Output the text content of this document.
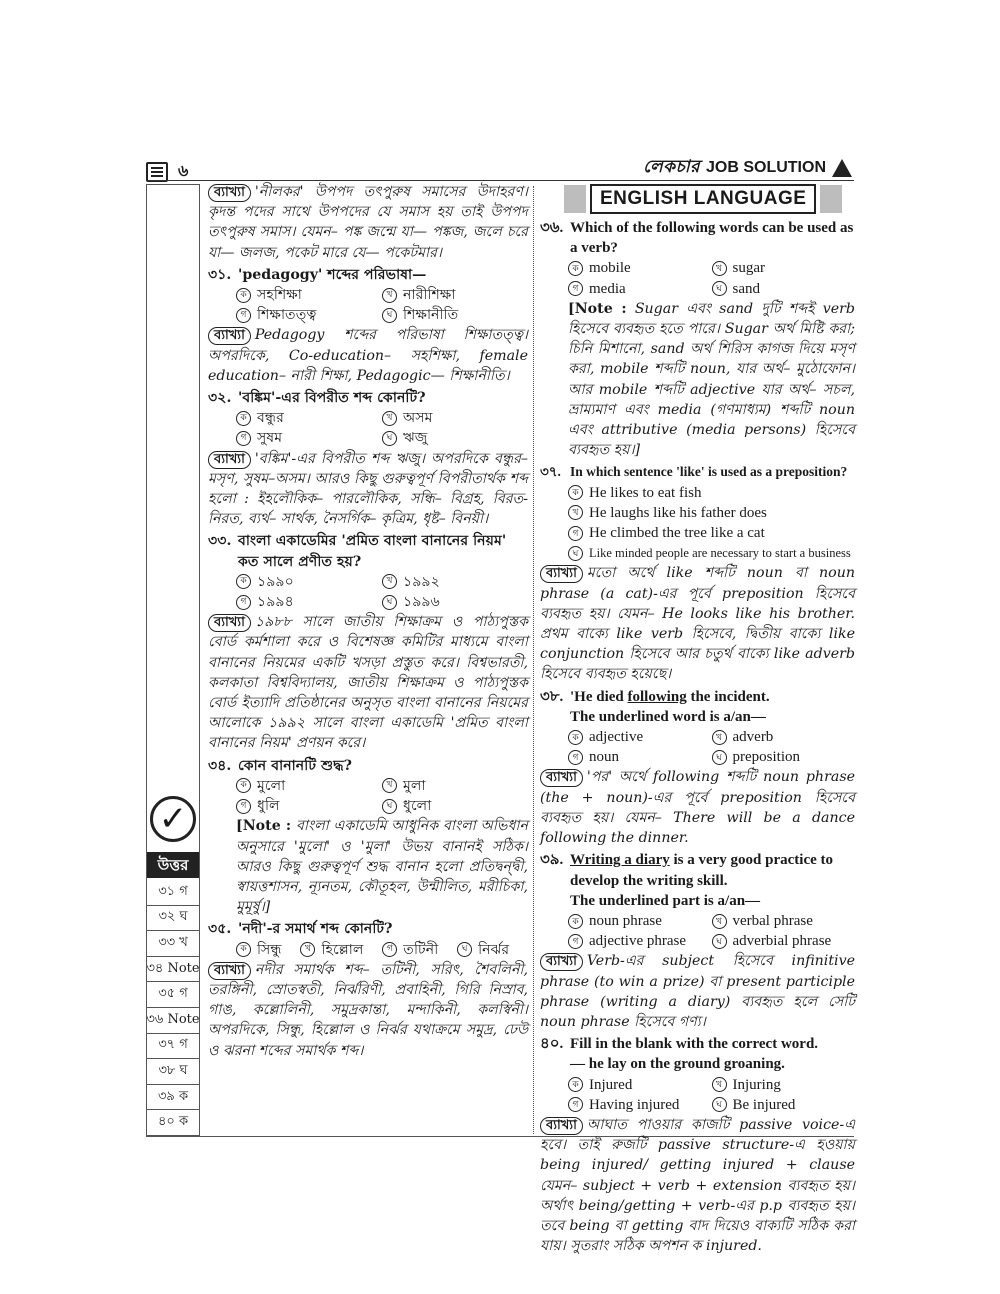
৬	লেকচার JOB SOLUTION
✓
উত্তর
৩১ গ
৩২ ঘ
৩৩ খ
৩৪ Note
৩৫ গ
৩৬ Note
৩৭ গ
৩৮ ঘ
৩৯ ক
৪০ ক
ব্যাখ্যা 'নীলকর' উপপদ তৎপুরুষ সমাসের উদাহরণ। কৃদন্ত পদের সাথে উপপদের যে সমাস হয় তাই উপপদ তৎপুরুষ সমাস। যেমন– পঙ্ক জন্মে যা— পঙ্কজ, জলে চরে যা— জলজ, পকেট মারে যে— পকেটমার।
৩১. 'pedagogy' শব্দের পরিভাষা—
ক সহশিক্ষা	খ নারীশিক্ষা
গ শিক্ষাতত্ত্ব	ঘ শিক্ষানীতি
ব্যাখ্যা Pedagogy শব্দের পরিভাষা শিক্ষাতত্ত্ব। অপরদিকে, Co-education– সহশিক্ষা, female education– নারী শিক্ষা, Pedagogic— শিক্ষানীতি।
৩২. 'বঙ্কিম'-এর বিপরীত শব্দ কোনটি?
ক বন্ধুর	খ অসম
গ সুষম	ঘ ঋজু
ব্যাখ্যা 'বঙ্কিম'-এর বিপরীত শব্দ ঋজু। অপরদিকে বন্ধুর– মসৃণ, সুষম–অসম। আরও কিছু গুরুত্বপূর্ণ বিপরীতার্থক শব্দ হলো : ইহলৌকিক– পারলৌকিক, সন্ধি– বিগ্রহ, বিরত-নিরত, ব্যর্থ– সার্থক, নৈসর্গিক– কৃত্রিম, ধৃষ্ট– বিনয়ী।
৩৩. বাংলা একাডেমির 'প্রমিত বাংলা বানানের নিয়ম' কত সালে প্রণীত হয়?
ক ১৯৯০	খ ১৯৯২
গ ১৯৯৪	ঘ ১৯৯৬
ব্যাখ্যা ১৯৮৮ সালে জাতীয় শিক্ষাক্রম ও পাঠ্যপুস্তক বোর্ড কর্মশালা করে ও বিশেষজ্ঞ কমিটির মাধ্যমে বাংলা বানানের নিয়মের একটি খসড়া প্রস্তুত করে। বিশ্বভারতী, কলকাতা বিশ্ববিদ্যালয়, জাতীয় শিক্ষাক্রম ও পাঠ্যপুস্তক বোর্ড ইত্যাদি প্রতিষ্ঠানের অনুসৃত বাংলা বানানের নিয়মের আলোকে ১৯৯২ সালে বাংলা একাডেমি 'প্রমিত বাংলা বানানের নিয়ম' প্রণয়ন করে।
৩৪. কোন বানানটি শুদ্ধ?
ক মুলো	খ মুলা
গ ধুলি	ঘ ধুলো
[Note : বাংলা একাডেমি আধুনিক বাংলা অভিধান অনুসারে 'মুলো' ও 'মুলা' উভয় বানানই সঠিক। আরও কিছু গুরুত্বপূর্ণ শুদ্ধ বানান হলো প্রতিদ্বন্দ্বী, স্বায়ত্তশাসন, ন্যূনতম, কৌতূহল, উন্মীলিত, মরীচিকা, মুমূর্ষু।]
৩৫. 'নদী'-র সমার্থ শব্দ কোনটি?
ক সিন্ধু	খ হিল্লোল	গ তটিনী	ঘ নির্ঝর
ব্যাখ্যা নদীর সমার্থক শব্দ– তটিনী, সরিৎ, শৈবলিনী, তরঙ্গিনী, স্রোতস্বতী, নির্ঝরিণী, প্রবাহিনী, গিরি নিস্রাব, গাঙ, কল্লোলিনী, সমুদ্রকান্তা, মন্দাকিনী, কলস্বিনী। অপরদিকে, সিন্ধু, হিল্লোল ও নির্ঝর যথাক্রমে সমুদ্র, ঢেউ ও ঝরনা শব্দের সমার্থক শব্দ।
ENGLISH LANGUAGE
৩৬. Which of the following words can be used as a verb?
ক mobile	খ sugar
গ media	ঘ sand
[Note : Sugar এবং sand দুটি শব্দই verb হিসেবে ব্যবহৃত হতে পারে। Sugar অর্থ মিষ্টি করা; চিনি মিশানো, sand অর্থ শিরিস কাগজ দিয়ে মসৃণ করা, mobile শব্দটি noun, যার অর্থ– মুঠোফোন। আর mobile শব্দটি adjective যার অর্থ– সচল, ভ্রাম্যমাণ এবং media (গণমাধ্যম) শব্দটি noun এবং attributive (media persons) হিসেবে ব্যবহৃত হয়।]
৩৭. In which sentence 'like' is used as a preposition?
ক He likes to eat fish
খ He laughs like his father does
গ He climbed the tree like a cat
ঘ Like minded people are necessary to start a business
ব্যাখ্যা মতো অর্থে like শব্দটি noun বা noun phrase (a cat)-এর পূর্বে preposition হিসেবে ব্যবহৃত হয়। যেমন– He looks like his brother. প্রথম বাক্যে like verb হিসেবে, দ্বিতীয় বাক্যে like conjunction হিসেবে আর চতুর্থ বাক্যে like adverb হিসেবে ব্যবহৃত হয়েছে।
৩৮. 'He died following the incident.
The underlined word is a/an—
ক adjective	খ adverb
গ noun	ঘ preposition
ব্যাখ্যা 'পর' অর্থে following শব্দটি noun phrase (the + noun)-এর পূর্বে preposition হিসেবে ব্যবহৃত হয়। যেমন– There will be a dance following the dinner.
৩৯. Writing a diary is a very good practice to develop the writing skill.
The underlined part is a/an—
ক noun phrase	খ verbal phrase
গ adjective phrase	ঘ adverbial phrase
ব্যাখ্যা Verb-এর subject হিসেবে infinitive phrase (to win a prize) বা present participle phrase (writing a diary) ব্যবহৃত হলে সেটি noun phrase হিসেবে গণ্য।
৪০. Fill in the blank with the correct word.
— he lay on the ground groaning.
ক Injured	খ Injuring
গ Having injured	ঘ Be injured
ব্যাখ্যা আঘাত পাওয়ার কাজটি passive voice-এ হবে। তাই রুজটি passive structure-এ হওয়ায় being injured/ getting injured + clause যেমন– subject + verb + extension ব্যবহৃত হয়। অর্থাৎ being/getting + verb-এর p.p ব্যবহৃত হয়। তবে being বা getting বাদ দিয়েও বাক্যটি সঠিক করা যায়। সুতরাং সঠিক অপশন ক injured.
